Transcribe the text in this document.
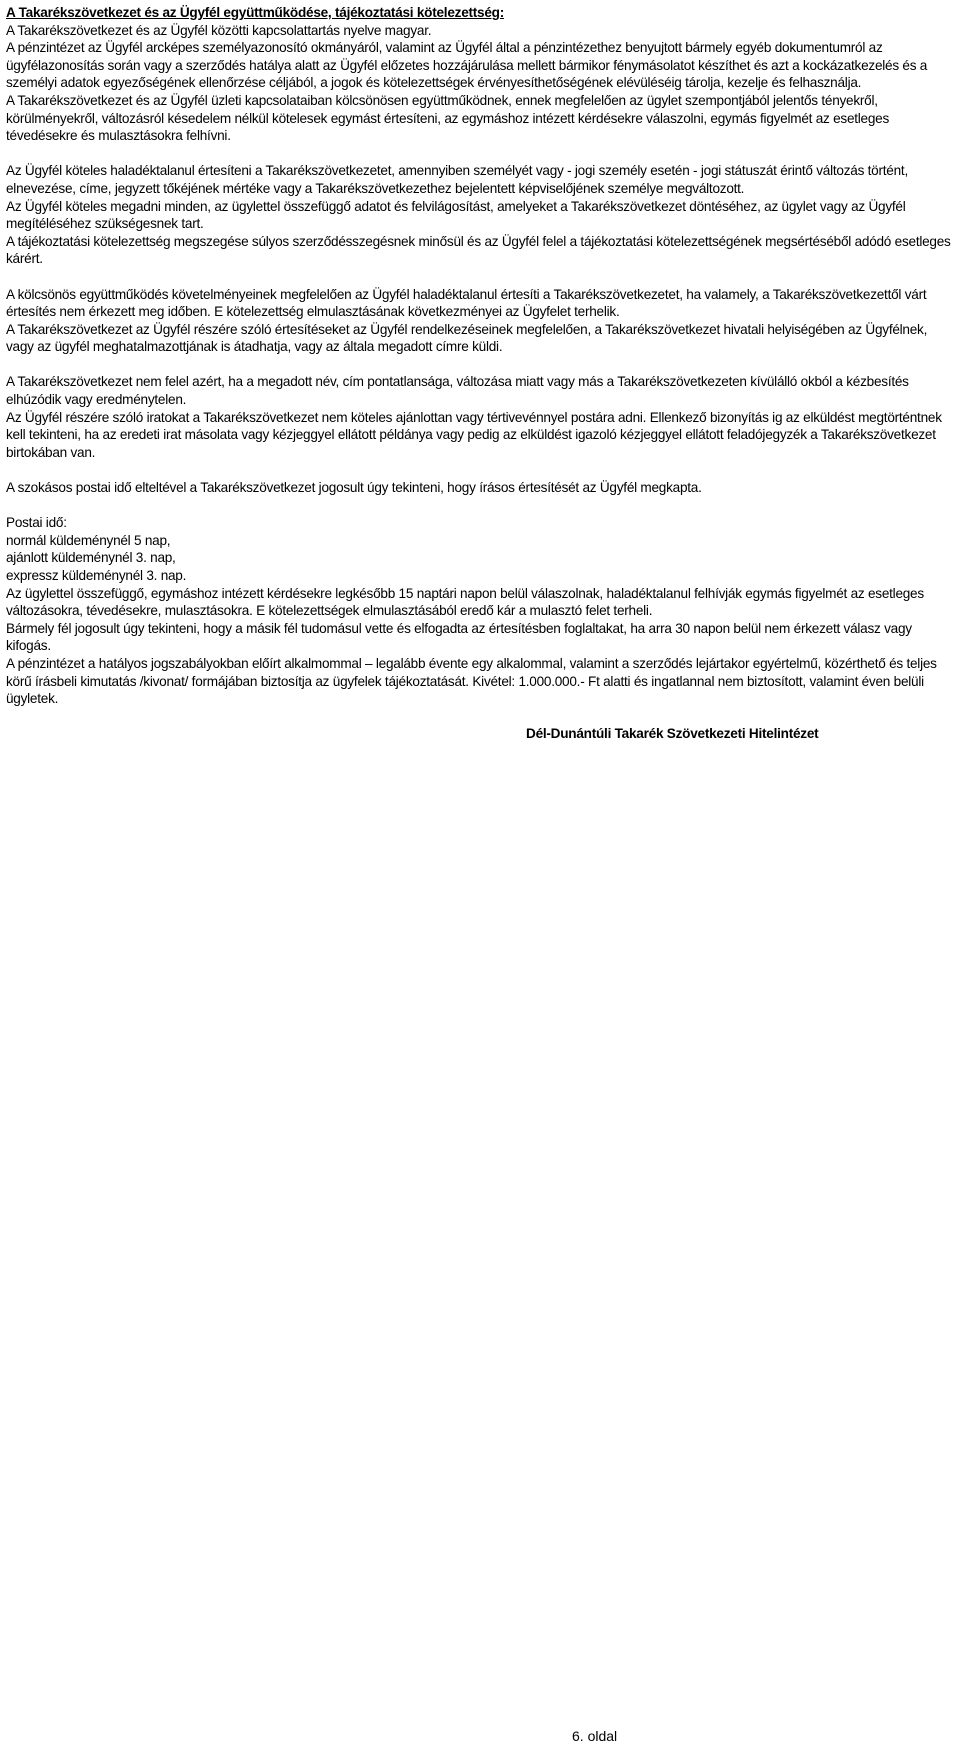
A Takarékszövetkezet és az Ügyfél együttműködése, tájékoztatási kötelezettség:

A Takarékszövetkezet és az Ügyfél közötti kapcsolattartás nyelve magyar.

A pénzintézet az Ügyfél arcképes személyazonosító okmányáról, valamint az Ügyfél által a pénzintézethez benyujtott bármely egyéb dokumentumról az ügyfélazonosítás során vagy a szerződés hatálya alatt az Ügyfél előzetes hozzájárulása mellett bármikor fénymásolatot készíthet és azt a kockázatkezelés és a személyi adatok egyezőségének ellenőrzése céljából, a jogok és kötelezettségek érvényesíthetőségének elévüléséig tárolja, kezelje és felhasználja.

A Takarékszövetkezet és az Ügyfél üzleti kapcsolataiban kölcsönösen együttműködnek, ennek megfelelően az ügylet szempontjából jelentős tényekről, körülményekről, változásról késedelem nélkül kötelesek egymást értesíteni, az egymáshoz intézett kérdésekre válaszolni, egymás figyelmét az esetleges tévedésekre és mulasztásokra felhívni.

Az Ügyfél köteles haladéktalanul értesíteni a Takarékszövetkezetet, amennyiben személyét vagy - jogi személy esetén - jogi státuszát érintő változás történt, elnevezése, címe, jegyzett tőkéjének mértéke vagy a Takarékszövetkezethez bejelentett képviselőjének személye megváltozott.

Az Ügyfél köteles megadni minden, az ügylettel összefüggő adatot és felvilágosítást, amelyeket a Takarékszövetkezet döntéséhez, az ügylet vagy az Ügyfél megítéléséhez szükségesnek tart.

A tájékoztatási kötelezettség megszegése súlyos szerződésszegésnek minősül és az Ügyfél felel a tájékoztatási kötelezettségének megsértéséből adódó esetleges kárért.

A kölcsönös együttműködés követelményeinek megfelelően az Ügyfél haladéktalanul értesíti a Takarékszövetkezetet, ha valamely, a Takarékszövetkezettől várt értesítés nem érkezett meg időben. E kötelezettség elmulasztásának következményei az Ügyfelet terhelik.

A Takarékszövetkezet az Ügyfél részére szóló értesítéseket az Ügyfél rendelkezéseinek megfelelően, a Takarékszövetkezet hivatali helyiségében az Ügyfélnek, vagy az ügyfél meghatalmazottjának is átadhatja, vagy az általa megadott címre küldi.

A Takarékszövetkezet nem felel azért, ha a megadott név, cím pontatlansága, változása miatt vagy más a Takarékszövetkezeten kívülálló okból a kézbesítés elhúzódik vagy eredménytelen.

Az Ügyfél részére szóló iratokat a Takarékszövetkezet nem köteles ajánlottan vagy tértivevénnyel postára adni. Ellenkező bizonyítás ig az elküldést megtörténtnek kell tekinteni, ha az eredeti irat másolata vagy kézjeggyel ellátott példánya vagy pedig az elküldést igazoló kézjeggyel ellátott feladójegyzék a Takarékszövetkezet birtokában van.

A szokásos postai idő elteltével a Takarékszövetkezet jogosult úgy tekinteni, hogy írásos értesítését az Ügyfél megkapta.

Postai idő:

normál küldeménynél 5 nap,

ajánlott küldeménynél 3. nap,

expressz küldeménynél 3. nap.

Az ügylettel összefüggő, egymáshoz intézett kérdésekre legkésőbb 15 naptári napon belül válaszolnak, haladéktalanul felhívják egymás figyelmét az esetleges változásokra, tévedésekre, mulasztásokra. E kötelezettségek elmulasztásából eredő kár a mulasztó felet terheli.

Bármely fél jogosult úgy tekinteni, hogy a másik fél tudomásul vette és elfogadta az értesítésben foglaltakat, ha arra 30 napon belül nem érkezett válasz vagy kifogás.

A pénzintézet a hatályos jogszabályokban előírt alkalmommal – legalább évente egy alkalommal, valamint a szerződés lejártakor egyértelmű, közérthető és teljes körű írásbeli kimutatás /kivonat/ formájában biztosítja az ügyfelek tájékoztatását. Kivétel: 1.000.000.- Ft alatti és ingatlannal nem biztosított, valamint éven belüli ügyletek.

Dél-Dunántúli Takarék Szövetkezeti Hitelintézet

6. oldal
